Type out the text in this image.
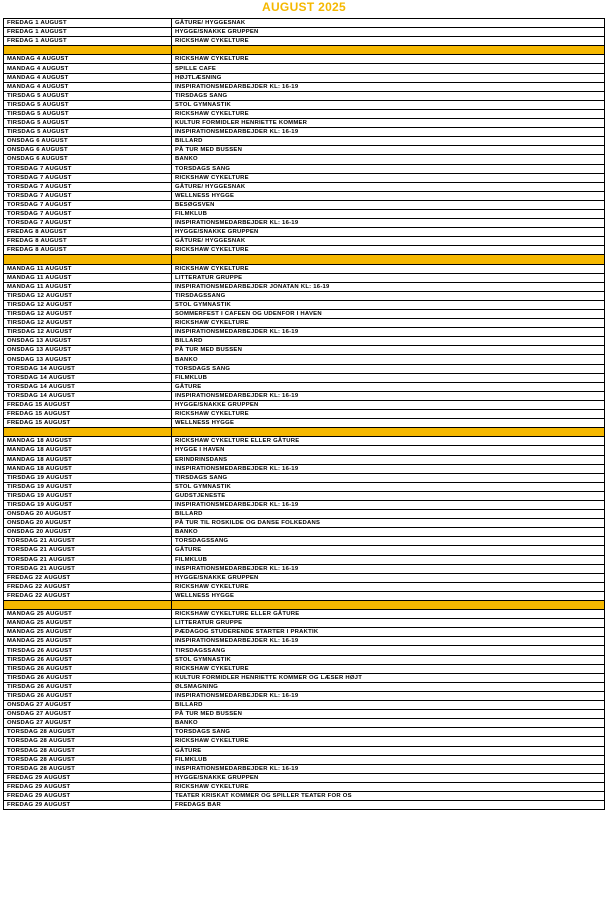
AUGUST 2025
FREDAG 1 AUGUST	GÅTURE/ HYGGESNAK
FREDAG 1 AUGUST	HYGGE/SNAKKE GRUPPEN
FREDAG 1 AUGUST	RICKSHAW CYKELTURE

MANDAG 4 AUGUST	RICKSHAW CYKELTURE
MANDAG 4 AUGUST	SPILLE CAFE
MANDAG 4 AUGUST	HØJTLÆSNING
MANDAG 4 AUGUST	INSPIRATIONSMEDARBEJDER KL: 16-19
TIRSDAG 5 AUGUST	TIRSDAGS SANG
TIRSDAG 5 AUGUST	STOL GYMNASTIK
TIRSDAG 5 AUGUST	RICKSHAW CYKELTURE
TIRSDAG 5 AUGUST	KULTUR FORMIDLER HENRIETTE KOMMER
TIRSDAG 5 AUGUST	INSPIRATIONSMEDARBEJDER KL: 16-19
ONSDAG 6 AUGUST	BILLARD
ONSDAG 6 AUGUST	PÅ TUR MED BUSSEN
ONSDAG 6 AUGUST	BANKO
TORSDAG 7 AUGUST	TORSDAGS SANG
TORSDAG 7 AUGUST	RICKSHAW CYKELTURE
TORSDAG 7 AUGUST	GÅTURE/ HYGGESNAK
TORSDAG 7 AUGUST	WELLNESS HYGGE
TORSDAG 7 AUGUST	BESØGSVEN
TORSDAG 7 AUGUST	FILMKLUB
TORSDAG 7 AUGUST	INSPIRATIONSMEDARBEJDER KL: 16-19
FREDAG 8 AUGUST	HYGGE/SNAKKE GRUPPEN
FREDAG 8 AUGUST	GÅTURE/ HYGGESNAK
FREDAG 8 AUGUST	RICKSHAW CYKELTURE

MANDAG 11 AUGUST	RICKSHAW CYKELTURE
MANDAG 11 AUGUST	LITTERATUR GRUPPE
MANDAG 11 AUGUST	INSPIRATIONSMEDARBEJDER JONATAN KL: 16-19
TIRSDAG 12 AUGUST	TIRSDAGSSANG
TIRSDAG 12 AUGUST	STOL GYMNASTIK
TIRSDAG 12 AUGUST	SOMMERFEST I CAFEEN OG UDENFOR I HAVEN
TIRSDAG 12 AUGUST	RICKSHAW CYKELTURE
TIRSDAG 12 AUGUST	INSPIRATIONSMEDARBEJDER KL: 16-19
ONSDAG 13 AUGUST	BILLARD
ONSDAG 13 AUGUST	PÅ TUR MED BUSSEN
ONSDAG 13 AUGUST	BANKO
TORSDAG 14 AUGUST	TORSDAGS SANG
TORSDAG 14 AUGUST	FILMKLUB
TORSDAG 14 AUGUST	GÅTURE
TORSDAG 14 AUGUST	INSPIRATIONSMEDARBEJDER KL: 16-19
FREDAG 15 AUGUST	HYGGE/SNAKKE GRUPPEN
FREDAG 15 AUGUST	RICKSHAW CYKELTURE
FREDAG 15 AUGUST	WELLNESS HYGGE

MANDAG 18 AUGUST	RICKSHAW CYKELTURE ELLER GÅTURE
MANDAG 18 AUGUST	HYGGE I HAVEN
MANDAG 18 AUGUST	ERINDRINSDANS
MANDAG 18 AUGUST	INSPIRATIONSMEDARBEJDER KL: 16-19
TIRSDAG 19 AUGUST	TIRSDAGS SANG
TIRSDAG 19 AUGUST	STOL GYMNASTIK
TIRSDAG 19 AUGUST	GUDSTJENESTE
TIRSDAG 19 AUGUST	INSPIRATIONSMEDARBEJDER KL: 16-19
ONSDAG 20 AUGUST	BILLARD
ONSDAG 20 AUGUST	PÅ TUR TIL ROSKILDE OG DANSE FOLKEDANS
ONSDAG 20 AUGUST	BANKO
TORSDAG 21 AUGUST	TORSDAGSSANG
TORSDAG 21 AUGUST	GÅTURE
TORSDAG 21 AUGUST	FILMKLUB
TORSDAG 21 AUGUST	INSPIRATIONSMEDARBEJDER KL: 16-19
FREDAG 22 AUGUST	HYGGE/SNAKKE GRUPPEN
FREDAG 22 AUGUST	RICKSHAW CYKELTURE
FREDAG 22 AUGUST	WELLNESS HYGGE

MANDAG 25 AUGUST	RICKSHAW CYKELTURE ELLER GÅTURE
MANDAG 25 AUGUST	LITTERATUR GRUPPE
MANDAG 25 AUGUST	PÆDAGOG STUDERENDE STARTER I PRAKTIK
MANDAG 25 AUGUST	INSPIRATIONSMEDARBEJDER KL: 16-19
TIRSDAG 26 AUGUST	TIRSDAGSSANG
TIRSDAG 26 AUGUST	STOL GYMNASTIK
TIRSDAG 26 AUGUST	RICKSHAW CYKELTURE
TIRSDAG 26 AUGUST	KULTUR FORMIDLER HENRIETTE KOMMER OG LÆSER HØJT
TIRSDAG 26 AUGUST	ØLSMAGNING
TIRSDAG 26 AUGUST	INSPIRATIONSMEDARBEJDER KL: 16-19
ONSDAG 27 AUGUST	BILLARD
ONSDAG 27 AUGUST	PÅ TUR MED BUSSEN
ONSDAG 27 AUGUST	BANKO
TORSDAG 28 AUGUST	TORSDAGS SANG
TORSDAG 28 AUGUST	RICKSHAW CYKELTURE
TORSDAG 28 AUGUST	GÅTURE
TORSDAG 28 AUGUST	FILMKLUB
TORSDAG 28 AUGUST	INSPIRATIONSMEDARBEJDER KL: 16-19
FREDAG 29 AUGUST	HYGGE/SNAKKE GRUPPEN
FREDAG 29 AUGUST	RICKSHAW CYKELTURE
FREDAG 29 AUGUST	TEATER KRISKAT KOMMER OG SPILLER TEATER FOR OS
FREDAG 29 AUGUST	FREDAGS BAR
